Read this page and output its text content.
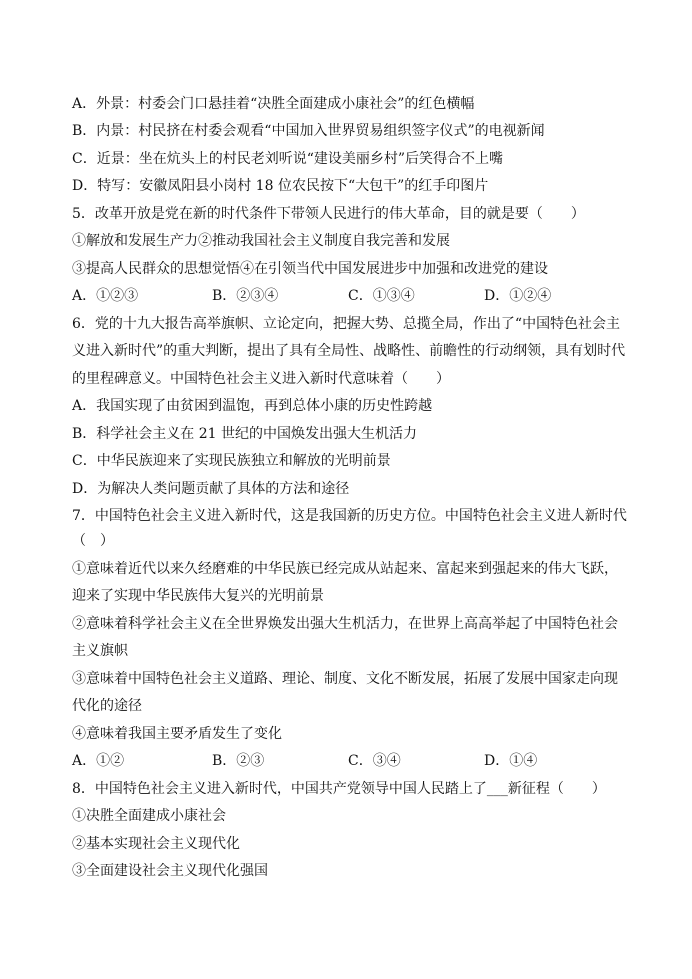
A．外景：村委会门口悬挂着“决胜全面建成小康社会”的红色横幅
B．内景：村民挤在村委会观看“中国加入世界贸易组织签字仪式”的电视新闻
C．近景：坐在炕头上的村民老刘听说“建设美丽乡村”后笑得合不上嘴
D．特写：安徽凤阳县小岗村 18 位农民按下“大包干”的红手印图片
5．改革开放是党在新的时代条件下带领人民进行的伟大革命，目的就是要（　　）
①解放和发展生产力②推动我国社会主义制度自我完善和发展
③提高人民群众的思想觉悟④在引领当代中国发展进步中加强和改进党的建设
A．①②③	B．②③④	C．①③④	D．①②④
6．党的十九大报告高举旗帜、立论定向，把握大势、总揽全局，作出了“中国特色社会主
义进入新时代”的重大判断，提出了具有全局性、战略性、前瞻性的行动纲领，具有划时代
的里程碑意义。中国特色社会主义进入新时代意味着（　　）
A．我国实现了由贫困到温饱，再到总体小康的历史性跨越
B．科学社会主义在 21 世纪的中国焕发出强大生机活力
C．中华民族迎来了实现民族独立和解放的光明前景
D．为解决人类问题贡献了具体的方法和途径
7．中国特色社会主义进入新时代，这是我国新的历史方位。中国特色社会主义进人新时代
（　）
①意味着近代以来久经磨难的中华民族已经完成从站起来、富起来到强起来的伟大飞跃，
迎来了实现中华民族伟大复兴的光明前景
②意味着科学社会主义在全世界焕发出强大生机活力，在世界上高高举起了中国特色社会
主义旗帜
③意味着中国特色社会主义道路、理论、制度、文化不断发展，拓展了发展中国家走向现
代化的途径
④意味着我国主要矛盾发生了变化
A．①②	B．②③	C．③④	D．①④
8．中国特色社会主义进入新时代，中国共产党领导中国人民踏上了___新征程（　　）
①决胜全面建成小康社会
②基本实现社会主义现代化
③全面建设社会主义现代化强国
